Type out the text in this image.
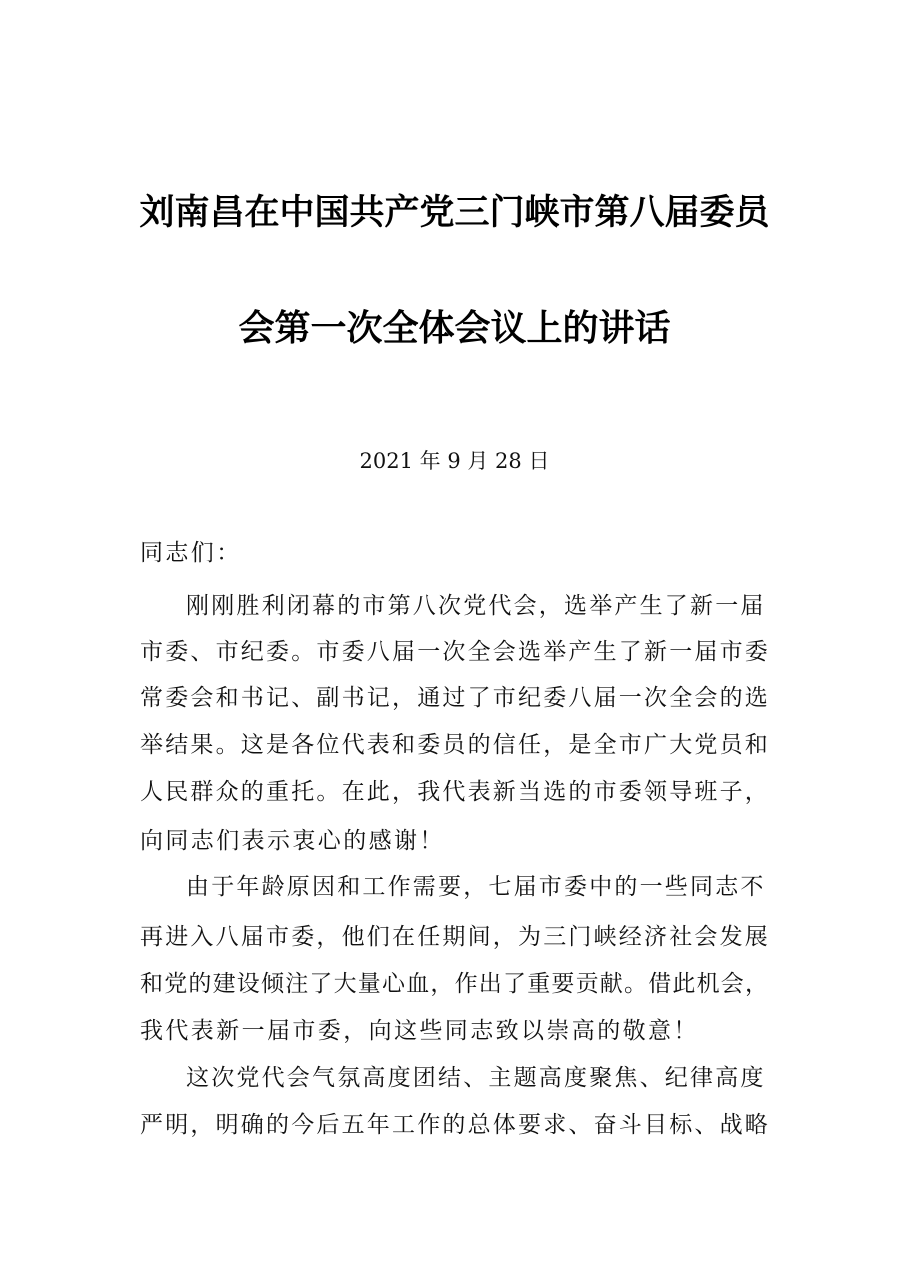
刘南昌在中国共产党三门峡市第八届委员
会第一次全体会议上的讲话
2021 年 9 月 28 日
同志们：
刚刚胜利闭幕的市第八次党代会，选举产生了新一届
市委、市纪委。市委八届一次全会选举产生了新一届市委
常委会和书记、副书记，通过了市纪委八届一次全会的选
举结果。这是各位代表和委员的信任，是全市广大党员和
人民群众的重托。在此，我代表新当选的市委领导班子，
向同志们表示衷心的感谢！
由于年龄原因和工作需要，七届市委中的一些同志不
再进入八届市委，他们在任期间，为三门峡经济社会发展
和党的建设倾注了大量心血，作出了重要贡献。借此机会，
我代表新一届市委，向这些同志致以崇高的敬意！
这次党代会气氛高度团结、主题高度聚焦、纪律高度
严明，明确的今后五年工作的总体要求、奋斗目标、战略
